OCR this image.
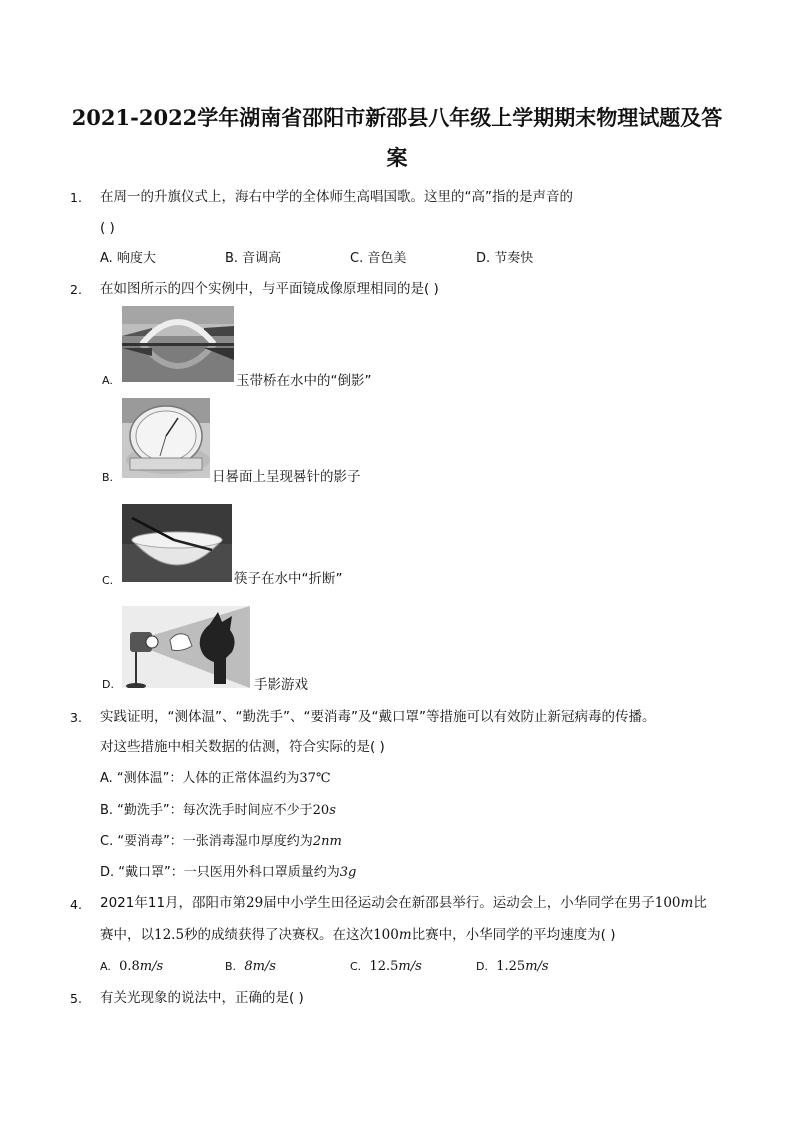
2021-2022学年湖南省邵阳市新邵县八年级上学期期末物理试题及答
案
1. 在周一的升旗仪式上，海右中学的全体师生高唱国歌。这里的“高”指的是声音的
( )
A. 响度大	B. 音调高	C. 音色美	D. 节奏快
2. 在如图所示的四个实例中，与平面镜成像原理相同的是( )
A.	玉带桥在水中的“倒影”
B.	日晷面上呈现晷针的影子
C.	筷子在水中“折断”
D.	手影游戏
3. 实践证明，“测体温”、“勤洗手”、“要消毒”及“戴口罩”等措施可以有效防止新冠病毒的传播。
对这些措施中相关数据的估测，符合实际的是( )
A. “测体温”：人体的正常体温约为37℃
B. “勤洗手”：每次洗手时间应不少于20s
C. “要消毒”：一张消毒湿巾厚度约为2nm
D. “戴口罩”：一只医用外科口罩质量约为3g
4. 2021年11月，邵阳市第29届中小学生田径运动会在新邵县举行。运动会上，小华同学在男子100m比
赛中，以12.5秒的成绩获得了决赛权。在这次100m比赛中，小华同学的平均速度为( )
A. 0.8m/s	B. 8m/s	C. 12.5m/s	D. 1.25m/s
5. 有关光现象的说法中，正确的是( )
